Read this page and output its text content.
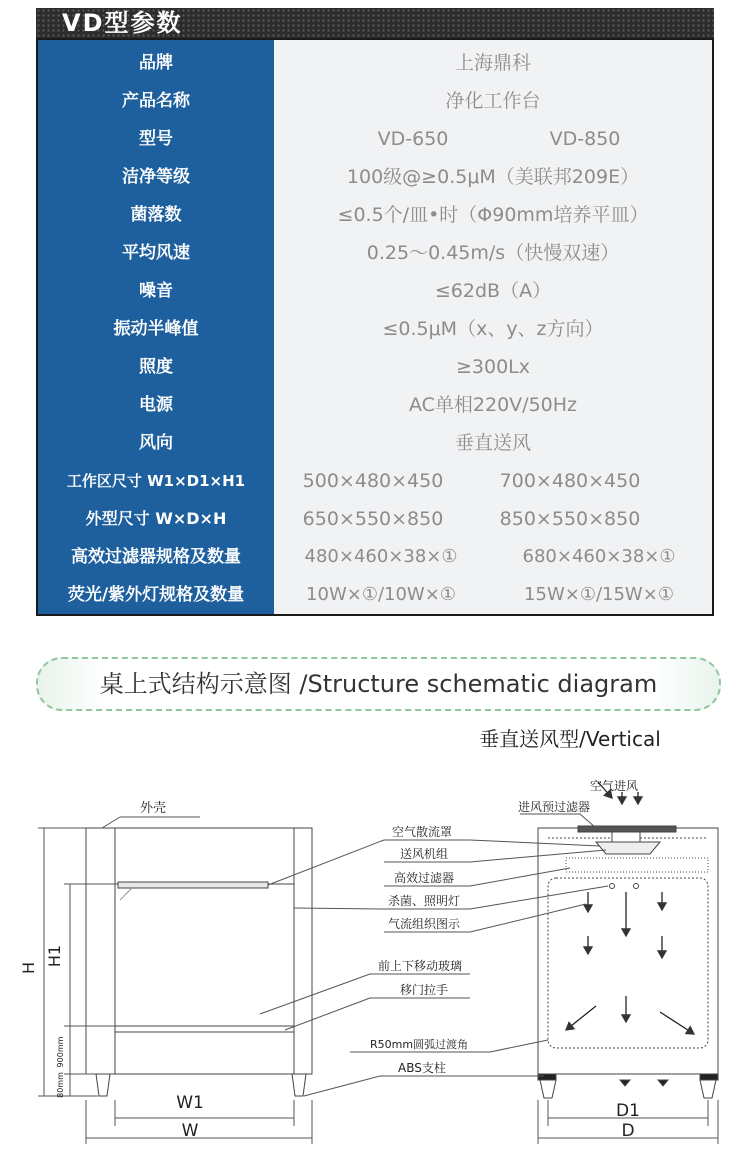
VD型参数
品牌	上海鼎科
产品名称	净化工作台
型号	VD-650	VD-850
洁净等级	100级@≥0.5μM（美联邦209E）
菌落数	≤0.5个/皿•时（Φ90mm培养平皿）
平均风速	0.25～0.45m/s（快慢双速）
噪音	≤62dB（A）
振动半峰值	≤0.5μM（x、y、z方向）
照度	≥300Lx
电源	AC单相220V/50Hz
风向	垂直送风
工作区尺寸 W1×D1×H1	500×480×450	700×480×450
外型尺寸 W×D×H	650×550×850	850×550×850
高效过滤器规格及数量	480×460×38×①	680×460×38×①
荧光/紫外灯规格及数量	10W×①/10W×①	15W×①/15W×①
桌上式结构示意图 /Structure schematic diagram
垂直送风型/Vertical
H
H1
900mm
80mm
W1
W
外壳
D1
D
空气进风
进风预过滤器
空气散流罩
送风机组
高效过滤器
杀菌、照明灯
气流组织图示
前上下移动玻璃
移门拉手
R50mm圆弧过渡角
ABS支柱
